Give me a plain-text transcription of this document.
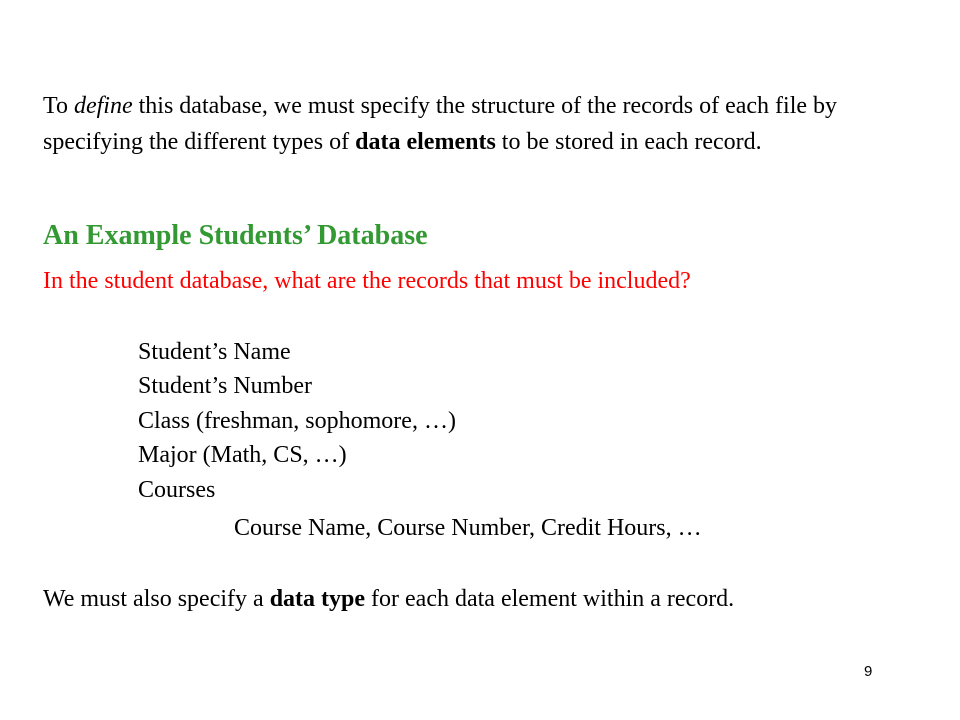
To define this database, we must specify the structure of the records of each file by specifying the different types of data elements to be stored in each record.

An Example Students’ Database
In the student database, what are the records that must be included?
Student’s Name
Student’s Number
Class (freshman, sophomore, …)
Major (Math, CS, …)
Courses
Course Name, Course Number, Credit Hours, …

We must also specify a data type for each data element within a record.

9
